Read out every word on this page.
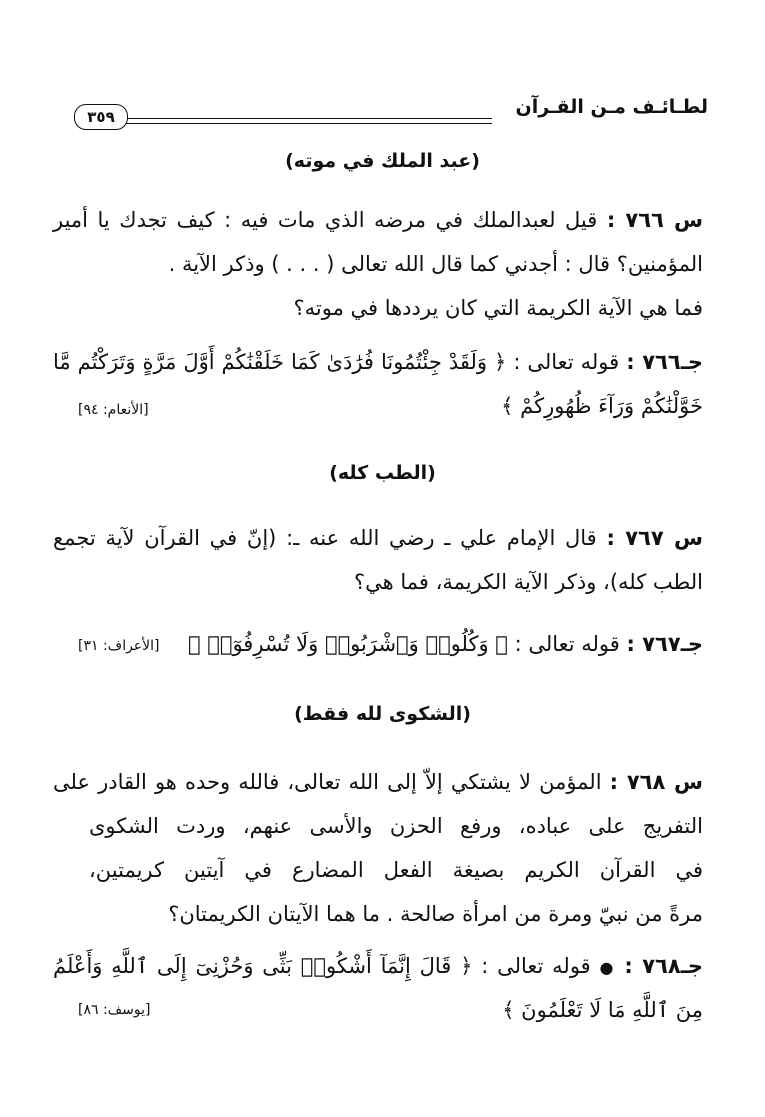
لطـائـف مـن القـرآن
٣٥٩
(عبد الملك في موته)
س ٧٦٦ : قيل لعبدالملك في مرضه الذي مات فيه : كيف تجدك يا أمير
المؤمنين؟ قال : أجدني كما قال الله تعالى ( . . . ) وذكر الآية .
فما هي الآية الكريمة التي كان يرددها في موته؟
جـ٧٦٦ : قوله تعالى : ﴿ وَلَقَدْ جِئْتُمُونَا فُرَٰدَىٰ كَمَا خَلَقْنَٰكُمْ أَوَّلَ مَرَّةٍ وَتَرَكْتُم مَّا
خَوَّلْنَٰكُمْ وَرَآءَ ظُهُورِكُمْ ﴾
[الأنعام: ٩٤]
(الطب كله)
س ٧٦٧ : قال الإمام علي ـ رضي الله عنه ـ: (إنّ في القرآن لآية تجمع
الطب كله)، وذكر الآية الكريمة، فما هي؟
جـ٧٦٧ : قوله تعالى : ﴿ وَكُلُوا۟ وَٱشْرَبُوا۟ وَلَا تُسْرِفُوٓا۟ ﴾
[الأعراف: ٣١]
(الشكوى لله فقط)
س ٧٦٨ : المؤمن لا يشتكي إلاّ إلى الله تعالى، فالله وحده هو القادر على
التفريج على عباده، ورفع الحزن والأسى عنهم، وردت الشكوى
في القرآن الكريم بصيغة الفعل المضارع في آيتين كريمتين،
مرةً من نبيّ ومرة من امرأة صالحة . ما هما الآيتان الكريمتان؟
جـ٧٦٨ : ● قوله تعالى : ﴿ قَالَ إِنَّمَآ أَشْكُوا۟ بَثِّى وَحُزْنِىٓ إِلَى ٱللَّهِ وَأَعْلَمُ
مِنَ ٱللَّهِ مَا لَا تَعْلَمُونَ ﴾
[يوسف: ٨٦]
